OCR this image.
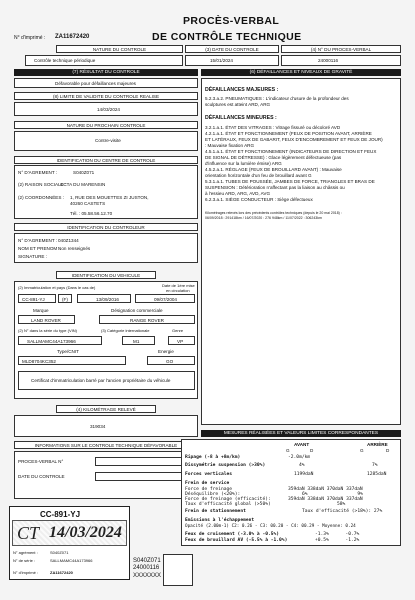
PROCÈS-VERBAL
DE CONTRÔLE TECHNIQUE
N° d'imprimé : ZA11672420
NATURE DU CONTROLE	(3) DATE DU CONTROLE	(4) N° DU PROCES-VERBAL
Contrôle technique périodique	15/01/2024	24000116
(7) RÉSULTAT DU CONTROLE
Défavorable pour défaillances majeures
(8) LIMITE DE VALIDITE DU CONTROLE REALISE
14/03/2024
NATURE DU PROCHAIN CONTROLE
Contre-visite
IDENTIFICATION DU CENTRE DE CONTROLE
N° D'AGREMENT :	S040Z071
(2) RAISON SOCIALE :
CCTA DU MARENSIN
(2) COORDONNÉES : 1, RUE DES MOUETTES ZI JUSTON,
40260 CASTETS
Tél. : 05.58.56.12.70
IDENTIFICATION DU CONTROLEUR
N° D'AGREMENT : 040Z1344
NOM ET PRENOM :
Non renseignés
SIGNATURE :
IDENTIFICATION DU VEHICULE
(2) Immatriculation et pays (Dans le cas de)	Date de 1ère mise
en circulation
CC-891-YJ	(F)	13/09/2016	09/07/2004
Marque	Désignation commerciale
LAND ROVER	RANGE ROVER
(2) N° dans la série du type (VIN)	(3) Catégorie internationale	Genre
SALLMAMC44A173966	M1	VP
Type/CNIT	Energie
MLD8704KC352	GO
Certificat d'immatriculation barré par l'ancien propriétaire du véhicule
(4) KILOMÉTRAGE RELEVÉ
319034
INFORMATIONS SUR LE CONTROLE TECHNIQUE DÉFAVORABLE
PROCES-VERBAL N°
DATE DU CONTROLE
(6) DÉFAILLANCES ET NIVEAUX DE GRAVITÉ
DÉFAILLANCES MAJEURES :
5.2.3.a.2. PNEUMATIQUES : L'indicateur d'usure de la profondeur des
sculptures est atteint ARD, ARG
DÉFAILLANCES MINEURES :
3.2.1.a.1. ÉTAT DES VITRAGES : Vitrage fissuré ou décoloré AVD
4.2.1.a.1. ÉTAT ET FONCTIONNEMENT (FEUX DE POSITION AVANT, ARRIÈRE
ET LATÉRAUX, FEUX DE GABARIT, FEUX D'ENCOMBREMENT ET FEUX DE JOUR)
: Mauvaise fixation ARG
4.5.1.a.1. ÉTAT ET FONCTIONNEMENT (INDICATEURS DE DIRECTION ET FEUX
DE SIGNAL DE DÉTRESSE) : Glace légèrement défectueuse (pas
d'influence sur la lumière émise) ARG
4.5.2.a.1. RÉGLAGE (FEUX DE BROUILLARD AVANT) : Mauvaise
orientation horizontale d'un feu de brouillard avant G
5.3.1.a.1. TUBES DE POUSSÉE, JAMBES DE FORCE, TRIANGLES ET BRAS DE
SUSPENSION : Détérioration n'affectant pas la liaison au châssis ou
à l'essieu ARD, ARG, AVD, AVG
6.2.3.a.1. SIÈGE CONDUCTEUR : Siège défectueux
Kilométrages relevés lors des précédents contrôles techniques (depuis le 20 mai 2018) :
06/09/2018 : 291418km / 16/07/2020 : 276 948km / 11/07/2022 : 306243km
MESURES RÉALISÉES ET VALEURS LIMITES CORRESPONDANTES
AVANT	ARRIÈRE
G	D	G	D
Ripage (-8 à +8m/km)	-2.0m/km
Dissymétrie suspension (>30%)	4%	7%
Forces verticales	1199daN	1285daN
Frein de service
Force de freinage	359daN 338daN 370daN 337daN
Déséquilibre (<20%):	6%                  9%
Force de freinage (efficacité):	359daN 338daN 370daN 337daN
Taux d'efficacité global (>50%)	58%
Frein de stationnement	Taux d'efficacité (>18%): 27%
Emissions à l'échappement
Opacité (2.00m-1) C2: 0.26 - C3: 00.20 - C4: 00.29 - Moyenne: 0.24
Feux de croisement (-3.0% à -0.5%)	-1.3%      -0.7%
Feux de brouillard AV (-5.5% à -1.0%)	+0.5%      -1.2%
S040Z071
24000116
XXXXXXX
CC-891-YJ
CT 14/03/2024
N° agrément :	S040Z071
N° de série :	SALLMAMC44A173966
N° d'imprimé :	ZA11672420
